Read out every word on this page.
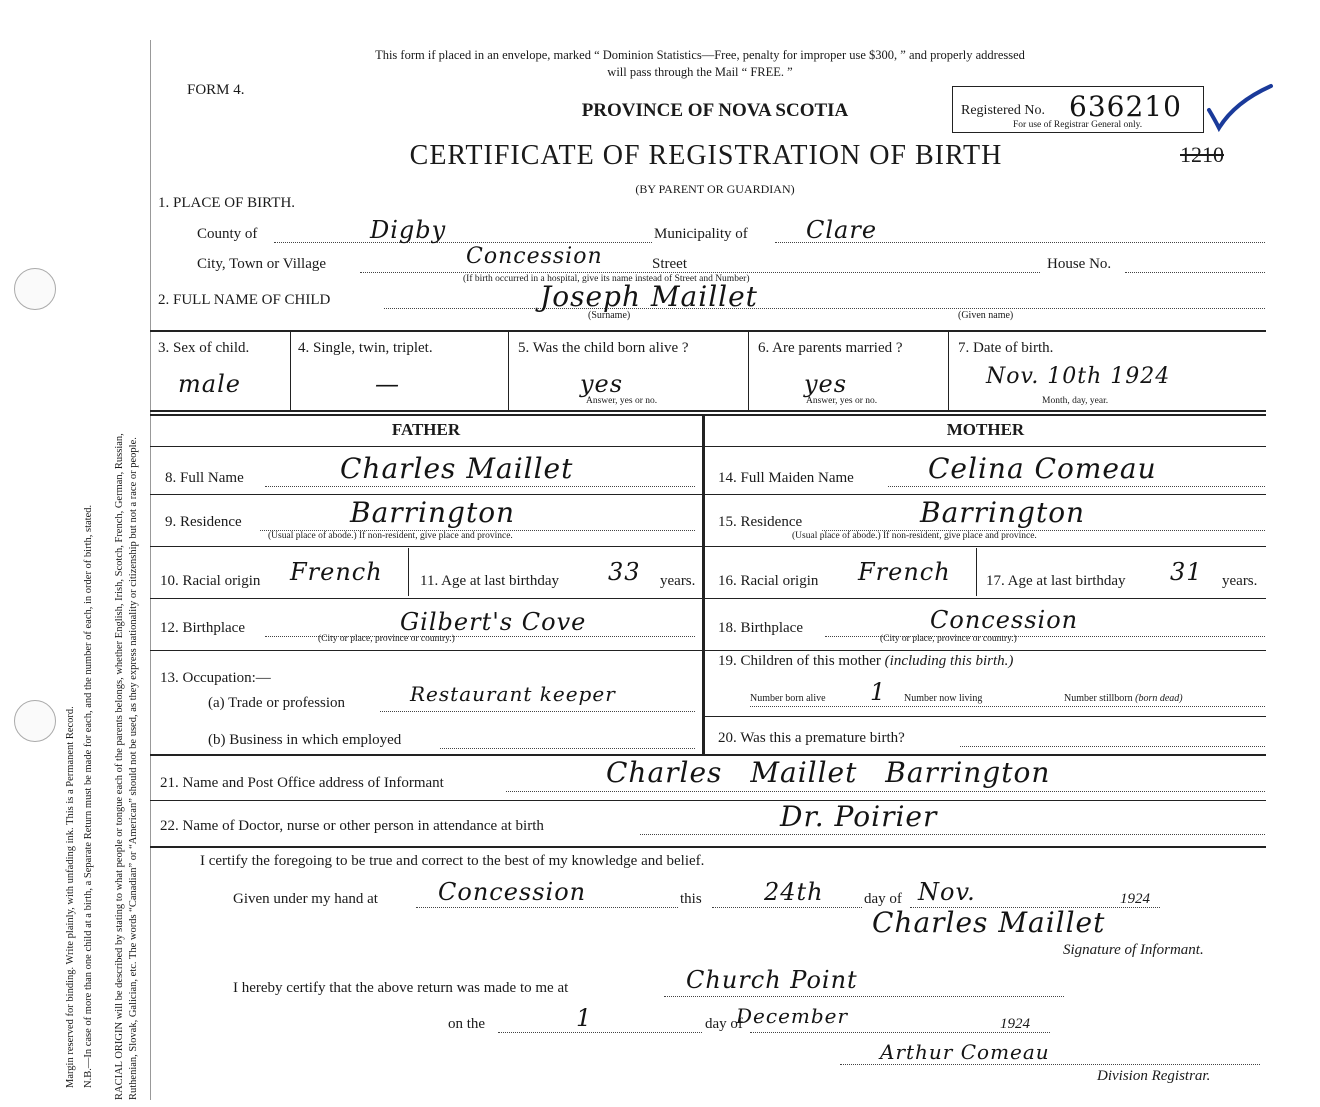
Margin reserved for binding. Write plainly, with unfading ink. This is a Permanent Record. N.B.—In case of more than one child at a birth, a Separate Return must be made for each, and the number of each, in order of birth, stated. RACIAL ORIGIN will be described by stating to what people or tongue each of the parents belongs, whether English, Irish, Scotch, French, German, Russian, Ruthenian, Slovak, Galician, etc. The words “Canadian” or “American” should not be used, as they express nationality or citizenship but not a race or people.
This form if placed in an envelope, marked “ Dominion Statistics—Free, penalty for improper use $300, ” and properly addressed
will pass through the Mail “ FREE. ”
FORM 4.
PROVINCE OF NOVA SCOTIA
CERTIFICATE OF REGISTRATION OF BIRTH
(BY PARENT OR GUARDIAN)
Registered No. 636210
For use of Registrar General only.
1210
1. PLACE OF BIRTH.
County of	Digby	Municipality of Clare
City, Town or Village	Concession	Street	House No.
(If birth occurred in a hospital, give its name instead of Street and Number)
2. FULL NAME OF CHILD	Joseph Maillet
(Surname)	(Given name)
3. Sex of child.
male
4. Single, twin, triplet.
—
5. Was the child born alive ?
yes
Answer, yes or no.
6. Are parents married ?
yes
Answer, yes or no.
7. Date of birth.
Nov. 10th 1924
Month, day, year.
FATHER	MOTHER
8. Full Name	Charles Maillet
9. Residence	Barrington
(Usual place of abode.) If non-resident, give place and province.
10. Racial origin French 11. Age at last birthday 33 years.
12. Birthplace	Gilbert's Cove
(City or place, province or country.)
13. Occupation:—
(a) Trade or profession	Restaurant keeper
(b) Business in which employed
14. Full Maiden Name	Celina Comeau
15. Residence	Barrington
(Usual place of abode.) If non-resident, give place and province.
16. Racial origin French 17. Age at last birthday 31 years.
18. Birthplace	Concession
(City or place, province or country.)
19. Children of this mother (including this birth.)
Number born alive 1 Number now living	Number stillborn (born dead)
20. Was this a premature birth?
21. Name and Post Office address of Informant	Charles Maillet Barrington
22. Name of Doctor, nurse or other person in attendance at birth	Dr. Poirier
I certify the foregoing to be true and correct to the best of my knowledge and belief.
Given under my hand at	Concession	this	24th	day of Nov.	1924
Charles Maillet
Signature of Informant.
I hereby certify that the above return was made to me at	Church Point
on the	1	day of
December	1924
Arthur Comeau
Division Registrar.
